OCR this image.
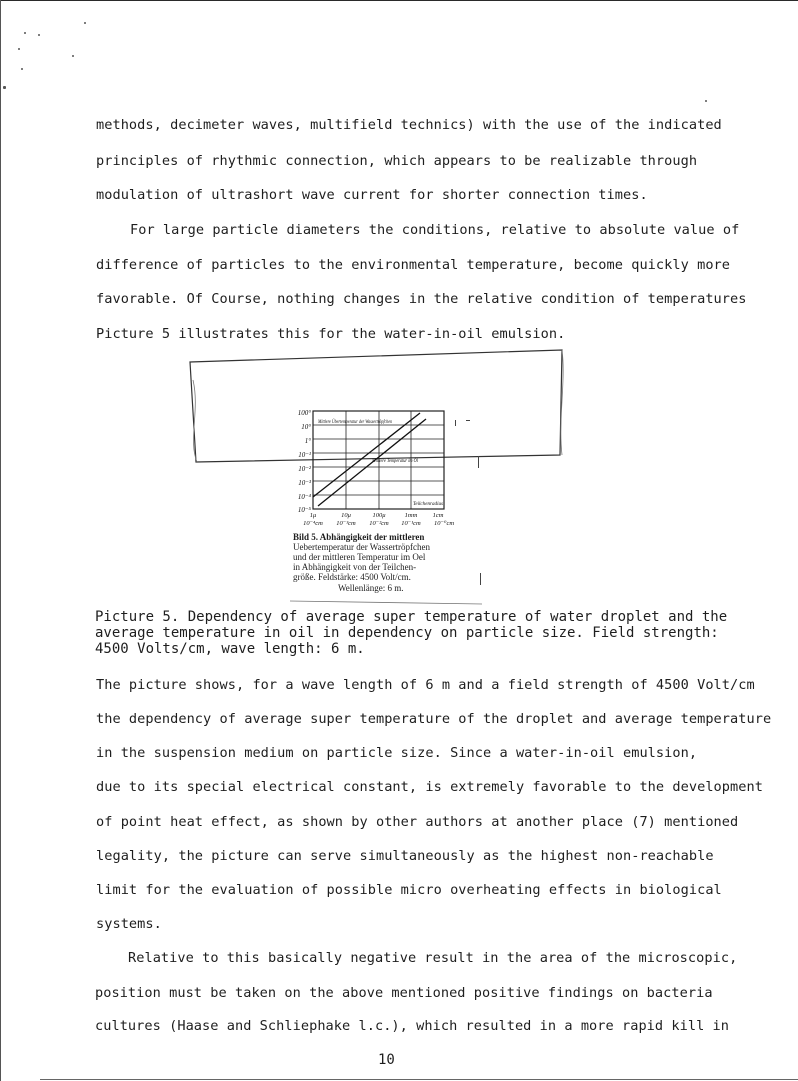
methods, decimeter waves, multifield technics) with the use of the indicated
principles of rhythmic connection, which appears to be realizable through
modulation of ultrashort wave current for shorter connection times.
For large particle diameters the conditions, relative to absolute value of
difference of particles to the environmental temperature, become quickly more
favorable. Of Course, nothing changes in the relative condition of temperatures
Picture 5 illustrates this for the water-in-oil emulsion.
100°
10°
1°
10⁻¹
10⁻²
10⁻³
10⁻⁴
10⁻⁵
1μ	10μ	100μ	1mm 1cm
10⁻⁴cm 10⁻³cm 10⁻²cm 10⁻¹cm 10⁻⁰cm
Mittlere Übertemperatur der Wassertröpfchen
Mittlere Temperatur im Öl
Teilchenradius
Bild 5. Abhängigkeit der mittleren
Uebertemperatur der Wassertröpfchen
und der mittleren Temperatur im Oel
in Abhängigkeit von der Teilchen-
größe. Feldstärke: 4500 Volt/cm.
Wellenlänge: 6 m.
Picture 5. Dependency of average super temperature of water droplet and the
average temperature in oil in dependency on particle size. Field strength:
4500 Volts/cm, wave length: 6 m.
The picture shows, for a wave length of 6 m and a field strength of 4500 Volt/cm
the dependency of average super temperature of the droplet and average temperature
in the suspension medium on particle size. Since a water-in-oil emulsion,
due to its special electrical constant, is extremely favorable to the development
of point heat effect, as shown by other authors at another place (7) mentioned
legality, the picture can serve simultaneously as the highest non-reachable
limit for the evaluation of possible micro overheating effects in biological
systems.
Relative to this basically negative result in the area of the microscopic,
position must be taken on the above mentioned positive findings on bacteria
cultures (Haase and Schliephake l.c.), which resulted in a more rapid kill in
10
